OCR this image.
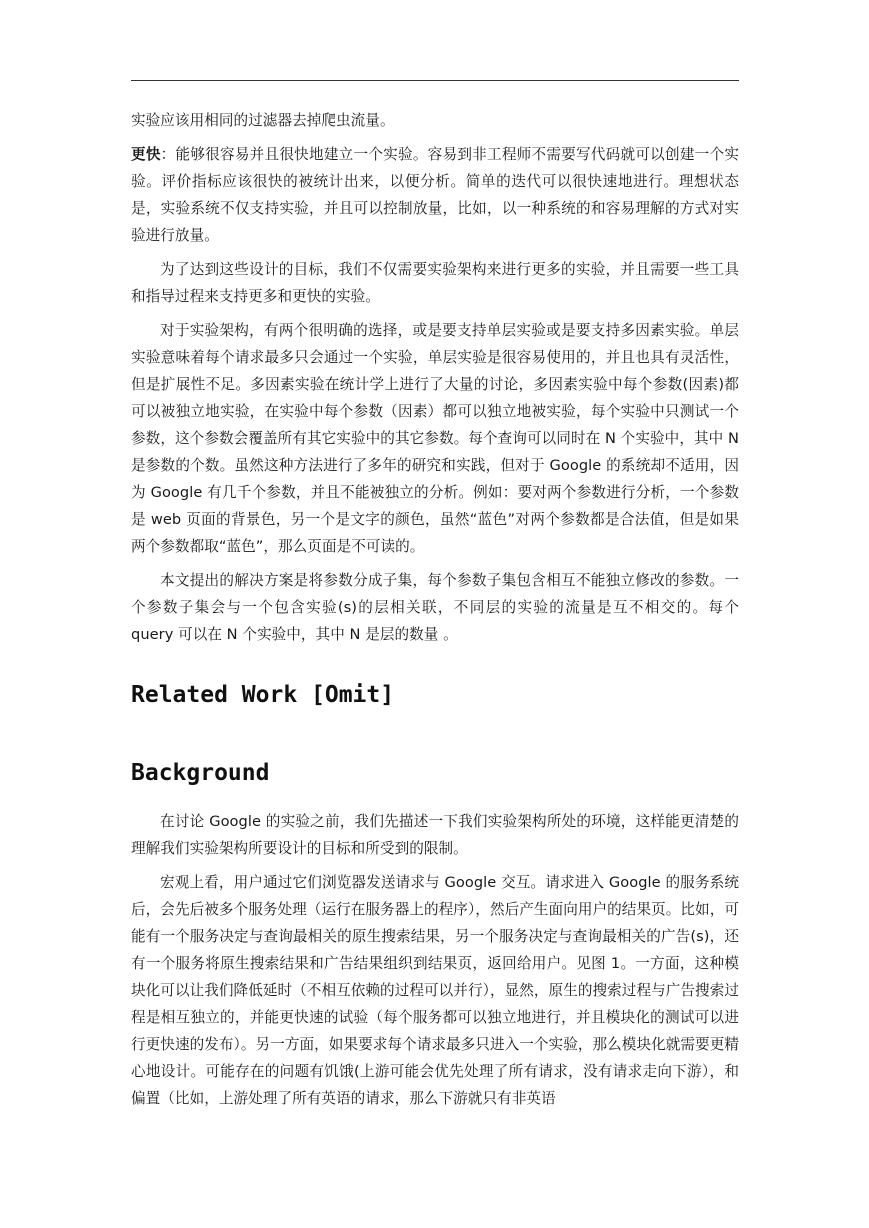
实验应该用相同的过滤器去掉爬虫流量。

更快：能够很容易并且很快地建立一个实验。容易到非工程师不需要写代码就可以创建一个实验。评价指标应该很快的被统计出来，以便分析。简单的迭代可以很快速地进行。理想状态是，实验系统不仅支持实验，并且可以控制放量，比如，以一种系统的和容易理解的方式对实验进行放量。

为了达到这些设计的目标，我们不仅需要实验架构来进行更多的实验，并且需要一些工具和指导过程来支持更多和更快的实验。

对于实验架构，有两个很明确的选择，或是要支持单层实验或是要支持多因素实验。单层实验意味着每个请求最多只会通过一个实验，单层实验是很容易使用的，并且也具有灵活性，但是扩展性不足。多因素实验在统计学上进行了大量的讨论，多因素实验中每个参数(因素)都可以被独立地实验，在实验中每个参数（因素）都可以独立地被实验，每个实验中只测试一个参数，这个参数会覆盖所有其它实验中的其它参数。每个查询可以同时在 N 个实验中，其中 N 是参数的个数。虽然这种方法进行了多年的研究和实践，但对于 Google 的系统却不适用，因为 Google 有几千个参数，并且不能被独立的分析。例如：要对两个参数进行分析，一个参数是 web 页面的背景色，另一个是文字的颜色，虽然“蓝色”对两个参数都是合法值，但是如果两个参数都取“蓝色”，那么页面是不可读的。

本文提出的解决方案是将参数分成子集，每个参数子集包含相互不能独立修改的参数。一个参数子集会与一个包含实验(s)的层相关联，不同层的实验的流量是互不相交的。每个 query 可以在 N 个实验中，其中 N 是层的数量 。

Related Work [Omit]
Background

在讨论 Google 的实验之前，我们先描述一下我们实验架构所处的环境，这样能更清楚的理解我们实验架构所要设计的目标和所受到的限制。

宏观上看，用户通过它们浏览器发送请求与 Google 交互。请求进入 Google 的服务系统后，会先后被多个服务处理（运行在服务器上的程序），然后产生面向用户的结果页。比如，可能有一个服务决定与查询最相关的原生搜索结果，另一个服务决定与查询最相关的广告(s)，还有一个服务将原生搜索结果和广告结果组织到结果页，返回给用户。见图 1。一方面，这种模块化可以让我们降低延时（不相互依赖的过程可以并行），显然，原生的搜索过程与广告搜索过程是相互独立的，并能更快速的试验（每个服务都可以独立地进行，并且模块化的测试可以进行更快速的发布）。另一方面，如果要求每个请求最多只进入一个实验，那么模块化就需要更精心地设计。可能存在的问题有饥饿(上游可能会优先处理了所有请求，没有请求走向下游），和偏置（比如，上游处理了所有英语的请求，那么下游就只有非英语
